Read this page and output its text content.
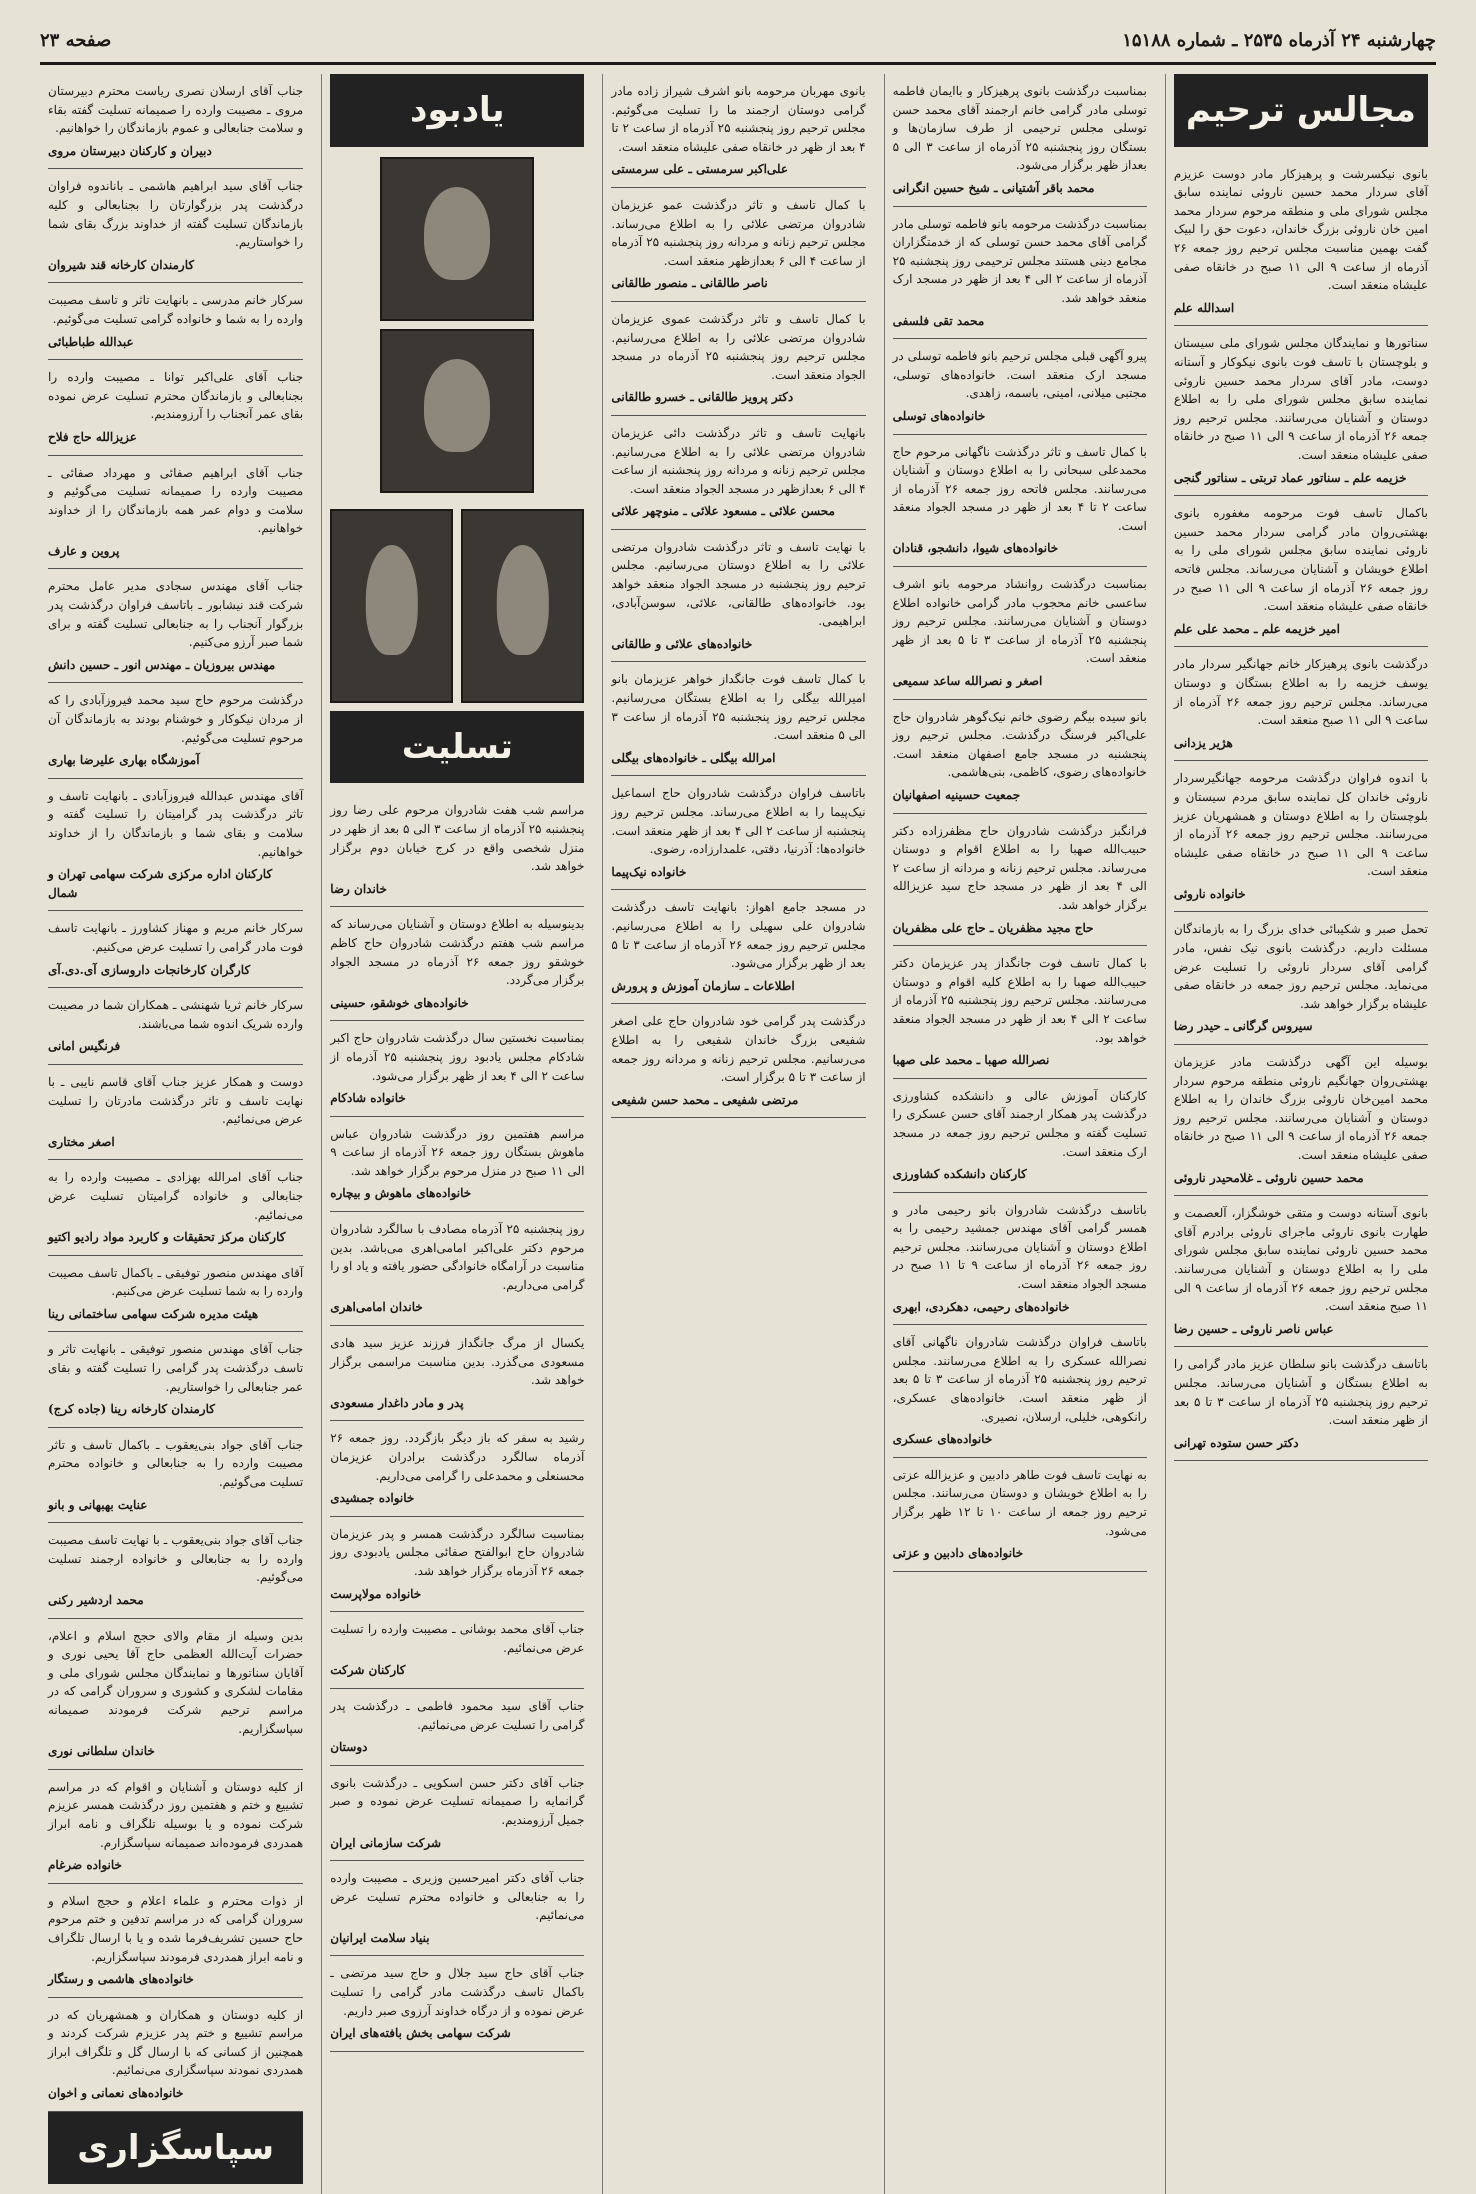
چهارشنبه ۲۴ آذرماه ۲۵۳۵ ـ شماره ۱۵۱۸۸
صفحه ۲۳
مجالس ترحیم

بانوی نیکسرشت و پرهیزکار مادر دوست عزیزم آقای سردار محمد حسین ناروئی نماینده سابق مجلس شورای ملی و منطقه مرحوم سردار محمد امین خان ناروئی بزرگ خاندان، دعوت حق را لبیک گفت بهمین مناسبت مجلس ترحیم روز جمعه ۲۶ آذرماه از ساعت ۹ الی ۱۱ صبح در خانقاه صفی علیشاه منعقد است.

اسدالله علم

سناتورها و نمایندگان مجلس شورای ملی سیستان و بلوچستان با تاسف فوت بانوی نیکوکار و آستانه دوست، مادر آقای سردار محمد حسین ناروئی نماینده سابق مجلس شورای ملی را به اطلاع دوستان و آشنایان می‌رسانند. مجلس ترحیم روز جمعه ۲۶ آذرماه از ساعت ۹ الی ۱۱ صبح در خانقاه صفی علیشاه منعقد است.

خزیمه علم ـ سناتور عماد تربتی ـ سناتور گنجی

باکمال تاسف فوت مرحومه مغفوره بانوی بهشتی‌روان مادر گرامی سردار محمد حسین ناروئی نماینده سابق مجلس شورای ملی را به اطلاع خویشان و آشنایان می‌رساند. مجلس فاتحه روز جمعه ۲۶ آذرماه از ساعت ۹ الی ۱۱ صبح در خانقاه صفی علیشاه منعقد است.

امیر خزیمه علم ـ محمد علی علم

درگذشت بانوی پرهیزکار خانم جهانگیر سردار مادر یوسف خزیمه را به اطلاع بستگان و دوستان می‌رساند. مجلس ترحیم روز جمعه ۲۶ آذرماه از ساعت ۹ الی ۱۱ صبح منعقد است.

هژیر یزدانی

با اندوه فراوان درگذشت مرحومه جهانگیرسردار ناروئی خاندان کل نماینده سابق مردم سیستان و بلوچستان را به اطلاع دوستان و همشهریان عزیز می‌رسانند. مجلس ترحیم روز جمعه ۲۶ آذرماه از ساعت ۹ الی ۱۱ صبح در خانقاه صفی علیشاه منعقد است.

خانواده ناروئی

تحمل صبر و شکیبائی خدای بزرگ را به بازماندگان مسئلت داریم. درگذشت بانوی نیک نفس، مادر گرامی آقای سردار ناروئی را تسلیت عرض می‌نماید. مجلس ترحیم روز جمعه در خانقاه صفی علیشاه برگزار خواهد شد.

سیروس گرگانی ـ حیدر رضا

بوسیله این آگهی درگذشت مادر عزیزمان بهشتی‌روان جهانگیم ناروئی منطقه مرحوم سردار محمد امین‌خان ناروئی بزرگ خاندان را به اطلاع دوستان و آشنایان می‌رسانند. مجلس ترحیم روز جمعه ۲۶ آذرماه از ساعت ۹ الی ۱۱ صبح در خانقاه صفی علیشاه منعقد است.

محمد حسین ناروئی ـ غلامحیدر ناروئی

بانوی آستانه دوست و متقی خوشگزار، آلعصمت و طهارت بانوی ناروئی ماجرای ناروئی برادرم آقای محمد حسین ناروئی نماینده سابق مجلس شورای ملی را به اطلاع دوستان و آشنایان می‌رسانند. مجلس ترحیم روز جمعه ۲۶ آذرماه از ساعت ۹ الی ۱۱ صبح منعقد است.

عباس ناصر ناروئی ـ حسین رضا

باتاسف درگذشت بانو سلطان عزیز مادر گرامی را به اطلاع بستگان و آشنایان می‌رساند. مجلس ترحیم روز پنجشنبه ۲۵ آذرماه از ساعت ۳ تا ۵ بعد از ظهر منعقد است.

دکتر حسن ستوده تهرانی

بمناسبت درگذشت بانوی پرهیزکار و باایمان فاطمه توسلی مادر گرامی خانم ارجمند آقای محمد حسن توسلی مجلس ترحیمی از طرف سازمان‌ها و بستگان روز پنجشنبه ۲۵ آذرماه از ساعت ۳ الی ۵ بعداز ظهر برگزار می‌شود.

محمد باقر آشتیانی ـ شیخ حسین انگرانی

بمناسبت درگذشت مرحومه بانو فاطمه توسلی مادر گرامی آقای محمد حسن توسلی که از خدمتگزاران مجامع دینی هستند مجلس ترحیمی روز پنجشنبه ۲۵ آذرماه از ساعت ۲ الی ۴ بعد از ظهر در مسجد ارک منعقد خواهد شد.

محمد تقی فلسفی

پیرو آگهی قبلی مجلس ترحیم بانو فاطمه توسلی در مسجد ارک منعقد است. خانواده‌های توسلی، مجتبی میلانی، امینی، باسمه، زاهدی.

خانواده‌های توسلی

با کمال تاسف و تاثر درگذشت ناگهانی مرحوم حاج محمدعلی سبحانی را به اطلاع دوستان و آشنایان می‌رسانند. مجلس فاتحه روز جمعه ۲۶ آذرماه از ساعت ۲ تا ۴ بعد از ظهر در مسجد الجواد منعقد است.

خانواده‌های شیوا، دانشجو، قنادان

بمناسبت درگذشت روانشاد مرحومه بانو اشرف ساعسی خانم محجوب مادر گرامی خانواده اطلاع دوستان و آشنایان می‌رسانند. مجلس ترحیم روز پنجشنبه ۲۵ آذرماه از ساعت ۳ تا ۵ بعد از ظهر منعقد است.

اصغر و نصرالله ساعد سمیعی

بانو سیده بیگم رضوی خانم نیک‌گوهر شادروان حاج علی‌اکبر فرسنگ درگذشت. مجلس ترحیم روز پنجشنبه در مسجد جامع اصفهان منعقد است. خانواده‌های رضوی، کاظمی، بنی‌هاشمی.

جمعیت حسینیه اصفهانیان

فرانگبز درگذشت شادروان حاج مظفرزاده دکتر حبیب‌الله صهبا را به اطلاع اقوام و دوستان می‌رساند. مجلس ترحیم زنانه و مردانه از ساعت ۲ الی ۴ بعد از ظهر در مسجد حاج سید عزیزالله برگزار خواهد شد.

حاج مجید مظفریان ـ حاج علی مظفریان

با کمال تاسف فوت جانگداز پدر عزیزمان دکتر حبیب‌الله صهبا را به اطلاع کلیه اقوام و دوستان می‌رسانند. مجلس ترحیم روز پنجشنبه ۲۵ آذرماه از ساعت ۲ الی ۴ بعد از ظهر در مسجد الجواد منعقد خواهد بود.

نصرالله صهبا ـ محمد علی صهبا

کارکنان آموزش عالی و دانشکده کشاورزی درگذشت پدر همکار ارجمند آقای حسن عسکری را تسلیت گفته و مجلس ترحیم روز جمعه در مسجد ارک منعقد است.

کارکنان دانشکده کشاورزی

باتاسف درگذشت شادروان بانو رحیمی مادر و همسر گرامی آقای مهندس جمشید رحیمی را به اطلاع دوستان و آشنایان می‌رسانند. مجلس ترحیم روز جمعه ۲۶ آذرماه از ساعت ۹ تا ۱۱ صبح در مسجد الجواد منعقد است.

خانواده‌های رحیمی، دهکردی، ابهری

باتاسف فراوان درگذشت شادروان ناگهانی آقای نصرالله عسکری را به اطلاع می‌رسانند. مجلس ترحیم روز پنجشنبه ۲۵ آذرماه از ساعت ۳ تا ۵ بعد از ظهر منعقد است. خانواده‌های عسکری، رانکوهی، خلیلی، ارسلان، نصیری.

خانواده‌های عسکری

به نهایت تاسف فوت طاهر دادبین و عزیزالله عزتی را به اطلاع خویشان و دوستان می‌رسانند. مجلس ترحیم روز جمعه از ساعت ۱۰ تا ۱۲ ظهر برگزار می‌شود.

خانواده‌های دادبین و عزتی

بانوی مهربان مرحومه بانو اشرف شیراز زاده مادر گرامی دوستان ارجمند ما را تسلیت می‌گوئیم. مجلس ترحیم روز پنجشنبه ۲۵ آذرماه از ساعت ۲ تا ۴ بعد از ظهر در خانقاه صفی علیشاه منعقد است.

علی‌اکبر سرمستی ـ علی سرمستی

با کمال تاسف و تاثر درگذشت عمو عزیزمان شادروان مرتضی علائی را به اطلاع می‌رساند. مجلس ترحیم زنانه و مردانه روز پنجشنبه ۲۵ آذرماه از ساعت ۴ الی ۶ بعدازظهر منعقد است.

ناصر طالقانی ـ منصور طالقانی

با کمال تاسف و تاثر درگذشت عموی عزیزمان شادروان مرتضی علائی را به اطلاع می‌رسانیم. مجلس ترحیم روز پنجشنبه ۲۵ آذرماه در مسجد الجواد منعقد است.

دکتر پرویز طالقانی ـ خسرو طالقانی

بانهایت تاسف و تاثر درگذشت دائی عزیزمان شادروان مرتضی علائی را به اطلاع می‌رسانیم. مجلس ترحیم زنانه و مردانه روز پنجشنبه از ساعت ۴ الی ۶ بعدازظهر در مسجد الجواد منعقد است.

محسن علائی ـ مسعود علائی ـ منوچهر علائی

با نهایت تاسف و تاثر درگذشت شادروان مرتضی علائی را به اطلاع دوستان می‌رسانیم. مجلس ترحیم روز پنجشنبه در مسجد الجواد منعقد خواهد بود. خانواده‌های طالقانی، علائی، سوسن‌آبادی، ابراهیمی.

خانواده‌های علائی و طالقانی

با کمال تاسف فوت جانگداز خواهر عزیزمان بانو امیرالله بیگلی را به اطلاع بستگان می‌رسانیم. مجلس ترحیم روز پنجشنبه ۲۵ آذرماه از ساعت ۳ الی ۵ منعقد است.

امرالله بیگلی ـ خانواده‌های بیگلی

باتاسف فراوان درگذشت شادروان حاج اسماعیل نیک‌پیما را به اطلاع می‌رساند. مجلس ترحیم روز پنجشنبه از ساعت ۲ الی ۴ بعد از ظهر منعقد است. خانواده‌ها: آذرنیا، دقتی، علمدارزاده، رضوی.

خانواده نیک‌پیما

در مسجد جامع اهواز: بانهایت تاسف درگذشت شادروان علی سهیلی را به اطلاع می‌رسانیم. مجلس ترحیم روز جمعه ۲۶ آذرماه از ساعت ۳ تا ۵ بعد از ظهر برگزار می‌شود.

اطلاعات ـ سازمان آموزش و پرورش

درگذشت پدر گرامی خود شادروان حاج علی اصغر شفیعی بزرگ خاندان شفیعی را به اطلاع می‌رسانیم. مجلس ترحیم زنانه و مردانه روز جمعه از ساعت ۳ تا ۵ برگزار است.

مرتضی شفیعی ـ محمد حسن شفیعی
یادبود
تسلیت

مراسم شب هفت شادروان مرحوم علی رضا روز پنجشنبه ۲۵ آذرماه از ساعت ۳ الی ۵ بعد از ظهر در منزل شخصی واقع در کرج خیابان دوم برگزار خواهد شد.

خاندان رضا

بدینوسیله به اطلاع دوستان و آشنایان می‌رساند که مراسم شب هفتم درگذشت شادروان حاج کاظم خوشقو روز جمعه ۲۶ آذرماه در مسجد الجواد برگزار می‌گردد.

خانواده‌های خوشقو، حسینی

بمناسبت نخستین سال درگذشت شادروان حاج اکبر شادکام مجلس یادبود روز پنجشنبه ۲۵ آذرماه از ساعت ۲ الی ۴ بعد از ظهر برگزار می‌شود.

خانواده شادکام

مراسم هفتمین روز درگذشت شادروان عباس ماهوش بستگان روز جمعه ۲۶ آذرماه از ساعت ۹ الی ۱۱ صبح در منزل مرحوم برگزار خواهد شد.

خانواده‌های ماهوش و بیچاره

روز پنجشنبه ۲۵ آذرماه مصادف با سالگرد شادروان مرحوم دکتر علی‌اکبر امامی‌اهری می‌باشد. بدین مناسبت در آرامگاه خانوادگی حضور یافته و یاد او را گرامی می‌داریم.

خاندان امامی‌اهری

یکسال از مرگ جانگداز فرزند عزیز سید هادی مسعودی می‌گذرد. بدین مناسبت مراسمی برگزار خواهد شد.

پدر و مادر داغدار مسعودی

رشید به سفر که باز دیگر بازگردد. روز جمعه ۲۶ آذرماه سالگرد درگذشت برادران عزیزمان محسنعلی و محمدعلی را گرامی می‌داریم.

خانواده جمشیدی

بمناسبت سالگرد درگذشت همسر و پدر عزیزمان شادروان حاج ابوالفتح صفائی مجلس یادبودی روز جمعه ۲۶ آذرماه برگزار خواهد شد.

خانواده مولاپرست

جناب آقای محمد بوشانی ـ مصیبت وارده را تسلیت عرض می‌نمائیم.

کارکنان شرکت

جناب آقای سید محمود فاطمی ـ درگذشت پدر گرامی را تسلیت عرض می‌نمائیم.

دوستان

جناب آقای دکتر حسن اسکویی ـ درگذشت بانوی گرانمایه را صمیمانه تسلیت عرض نموده و صبر جمیل آرزومندیم.

شرکت سازمانی ایران

جناب آقای دکتر امیرحسین وزیری ـ مصیبت وارده را به جنابعالی و خانواده محترم تسلیت عرض می‌نمائیم.

بنیاد سلامت ایرانیان

جناب آقای حاج سید جلال و حاج سید مرتضی ـ باکمال تاسف درگذشت مادر گرامی را تسلیت عرض نموده و از درگاه خداوند آرزوی صبر داریم.

شرکت سهامی بخش بافته‌های ایران

جناب آقای ارسلان نصری ریاست محترم دبیرستان مروی ـ مصیبت وارده را صمیمانه تسلیت گفته بقاء و سلامت جنابعالی و عموم بازماندگان را خواهانیم.

دبیران و کارکنان دبیرستان مروی

جناب آقای سید ابراهیم هاشمی ـ باناندوه فراوان درگذشت پدر بزرگوارتان را بجنابعالی و کلیه بازماندگان تسلیت گفته از خداوند بزرگ بقای شما را خواستاریم.

کارمندان کارخانه قند شیروان

سرکار خانم مدرسی ـ بانهایت تاثر و تاسف مصیبت وارده را به شما و خانواده گرامی تسلیت می‌گوئیم.

عبدالله طباطبائی

جناب آقای علی‌اکبر توانا ـ مصیبت وارده را بجنابعالی و بازماندگان محترم تسلیت عرض نموده بقای عمر آنجناب را آرزومندیم.

عزیزالله حاج فلاح

جناب آقای ابراهیم صفائی و مهرداد صفائی ـ مصیبت وارده را صمیمانه تسلیت می‌گوئیم و سلامت و دوام عمر همه بازماندگان را از خداوند خواهانیم.

پروین و عارف

جناب آقای مهندس سجادی مدیر عامل محترم شرکت قند نیشابور ـ باتاسف فراوان درگذشت پدر بزرگوار آنجناب را به جنابعالی تسلیت گفته و برای شما صبر آرزو می‌کنیم.

مهندس بیروزیان ـ مهندس انور ـ حسین دانش

درگذشت مرحوم حاج سید محمد فیروزآبادی را که از مردان نیکوکار و خوشنام بودند به بازماندگان آن مرحوم تسلیت می‌گوئیم.

آموزشگاه بهاری علیرضا بهاری

آقای مهندس عبدالله فیروزآبادی ـ بانهایت تاسف و تاثر درگذشت پدر گرامیتان را تسلیت گفته و سلامت و بقای شما و بازماندگان را از خداوند خواهانیم.

کارکنان اداره مرکزی شرکت سهامی تهران و شمال

سرکار خانم مریم و مهناز کشاورز ـ بانهایت تاسف فوت مادر گرامی را تسلیت عرض می‌کنیم.

کارگران کارخانجات داروسازی آی.دی.آی

سرکار خانم ثریا شهنشی ـ همکاران شما در مصیبت وارده شریک اندوه شما می‌باشند.

فرنگیس امانی

دوست و همکار عزیز جناب آقای قاسم نایبی ـ با نهایت تاسف و تاثر درگذشت مادرتان را تسلیت عرض می‌نمائیم.

اصغر مختاری

جناب آقای امرالله بهزادی ـ مصیبت وارده را به جنابعالی و خانواده گرامیتان تسلیت عرض می‌نمائیم.

کارکنان مرکز تحقیقات و کاربرد مواد رادیو اکتیو

آقای مهندس منصور توفیقی ـ باکمال تاسف مصیبت وارده را به شما تسلیت عرض می‌کنیم.

هیئت مدیره شرکت سهامی ساختمانی رینا

جناب آقای مهندس منصور توفیقی ـ بانهایت تاثر و تاسف درگذشت پدر گرامی را تسلیت گفته و بقای عمر جنابعالی را خواستاریم.

کارمندان کارخانه رینا (جاده کرج)

جناب آقای جواد بنی‌یعقوب ـ باکمال تاسف و تاثر مصیبت وارده را به جنابعالی و خانواده محترم تسلیت می‌گوئیم.

عنایت بهبهانی و بانو

جناب آقای جواد بنی‌یعقوب ـ با نهایت تاسف مصیبت وارده را به جنابعالی و خانواده ارجمند تسلیت می‌گوئیم.

محمد اردشیر رکنی

بدین وسیله از مقام والای حجج اسلام و اعلام، حضرات آیت‌الله العظمی حاج آقا یحیی نوری و آقایان سناتورها و نمایندگان مجلس شورای ملی و مقامات لشکری و کشوری و سروران گرامی که در مراسم ترحیم شرکت فرمودند صمیمانه سپاسگزاریم.

خاندان سلطانی نوری

از کلیه دوستان و آشنایان و اقوام که در مراسم تشییع و ختم و هفتمین روز درگذشت همسر عزیزم شرکت نموده و یا بوسیله تلگراف و نامه ابراز همدردی فرموده‌اند صمیمانه سپاسگزارم.

خانواده ضرغام

از ذوات محترم و علماء اعلام و حجج اسلام و سروران گرامی که در مراسم تدفین و ختم مرحوم حاج حسین تشریف‌فرما شده و یا با ارسال تلگراف و نامه ابراز همدردی فرمودند سپاسگزاریم.

خانواده‌های هاشمی و رستگار

از کلیه دوستان و همکاران و همشهریان که در مراسم تشییع و ختم پدر عزیزم شرکت کردند و همچنین از کسانی که با ارسال گل و تلگراف ابراز همدردی نمودند سپاسگزاری می‌نمائیم.

خانواده‌های نعمانی و اخوان
سپاسگزاری
